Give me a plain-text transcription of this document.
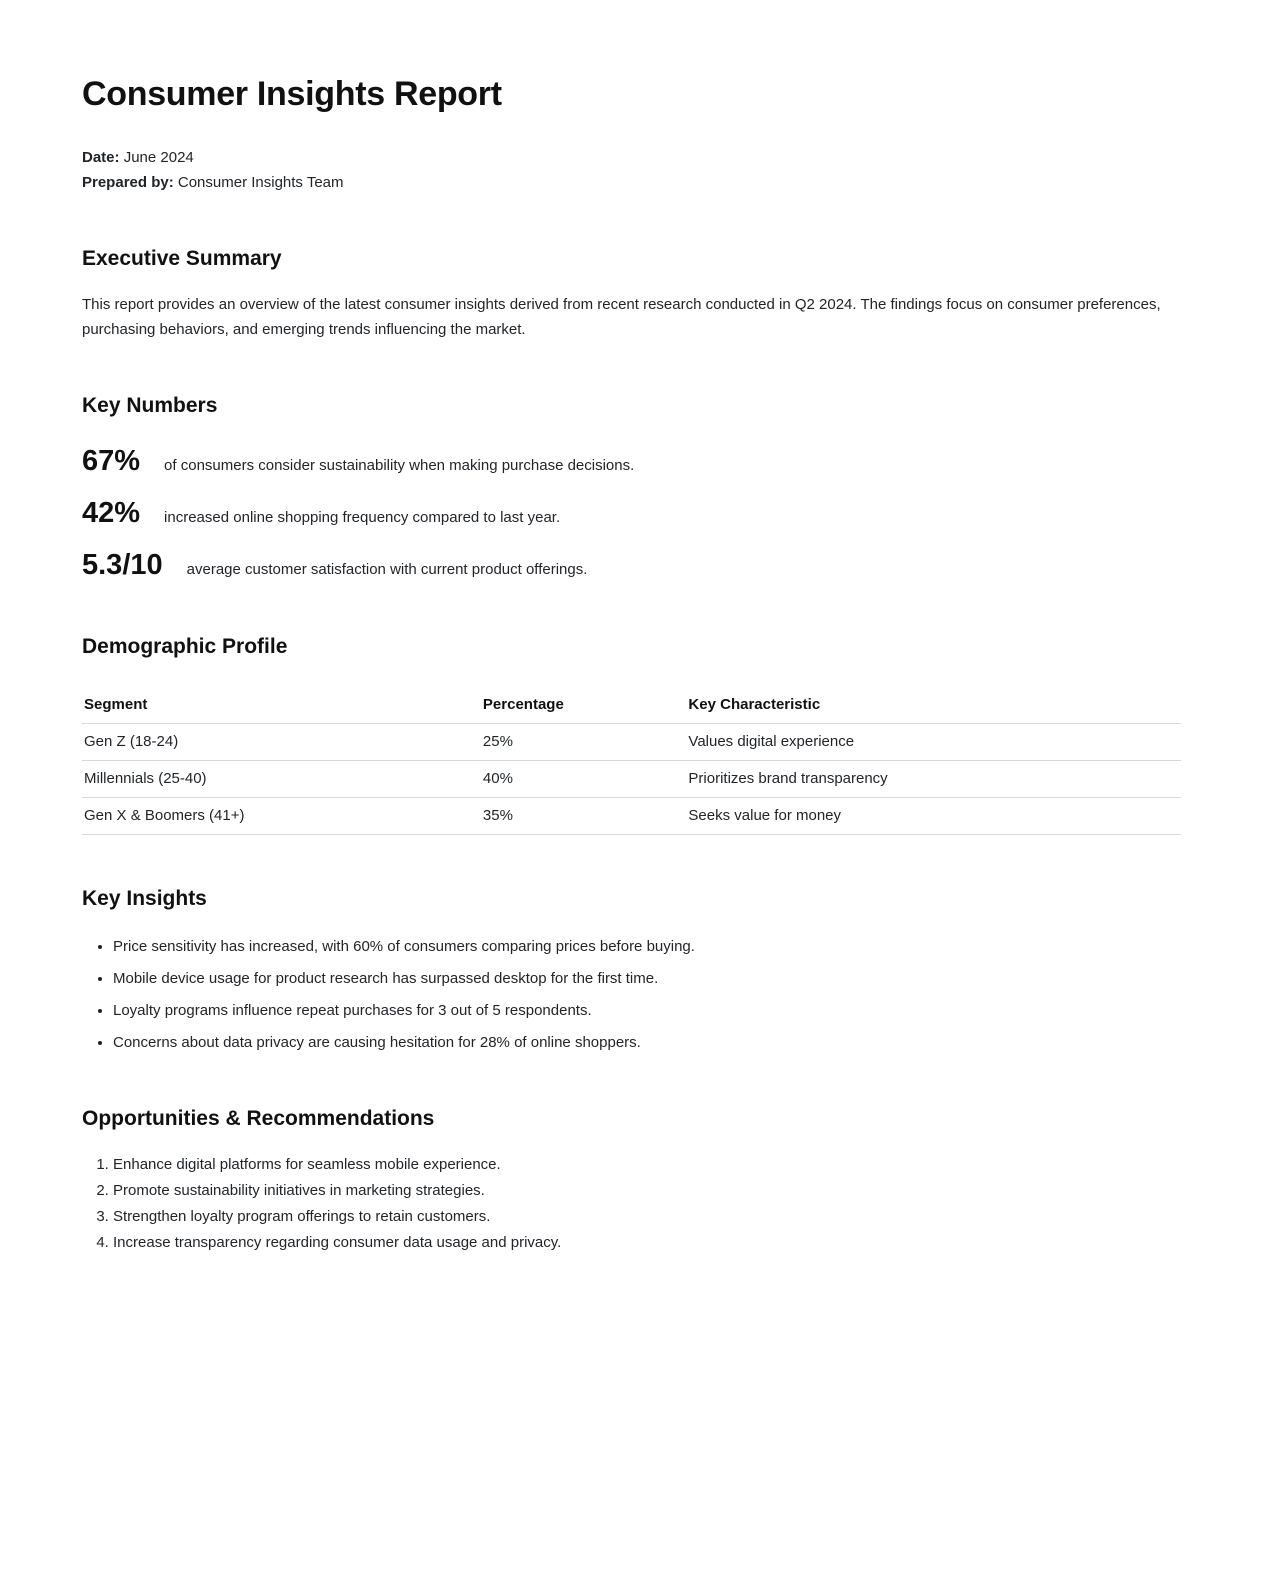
Consumer Insights Report
Date: June 2024
Prepared by: Consumer Insights Team
Executive Summary

This report provides an overview of the latest consumer insights derived from recent research conducted in Q2 2024. The findings focus on consumer preferences, purchasing behaviors, and emerging trends influencing the market.

Key Numbers
67% of consumers consider sustainability when making purchase decisions.
42% increased online shopping frequency compared to last year.
5.3/10 average customer satisfaction with current product offerings.
Demographic Profile
Segment	Percentage	Key Characteristic
Gen Z (18-24)	25%	Values digital experience
Millennials (25-40)	40%	Prioritizes brand transparency
Gen X & Boomers (41+)	35%	Seeks value for money
Key Insights
• Price sensitivity has increased, with 60% of consumers comparing prices before buying.
• Mobile device usage for product research has surpassed desktop for the first time.
• Loyalty programs influence repeat purchases for 3 out of 5 respondents.
• Concerns about data privacy are causing hesitation for 28% of online shoppers.
Opportunities & Recommendations
1. Enhance digital platforms for seamless mobile experience.
2. Promote sustainability initiatives in marketing strategies.
3. Strengthen loyalty program offerings to retain customers.
4. Increase transparency regarding consumer data usage and privacy.
